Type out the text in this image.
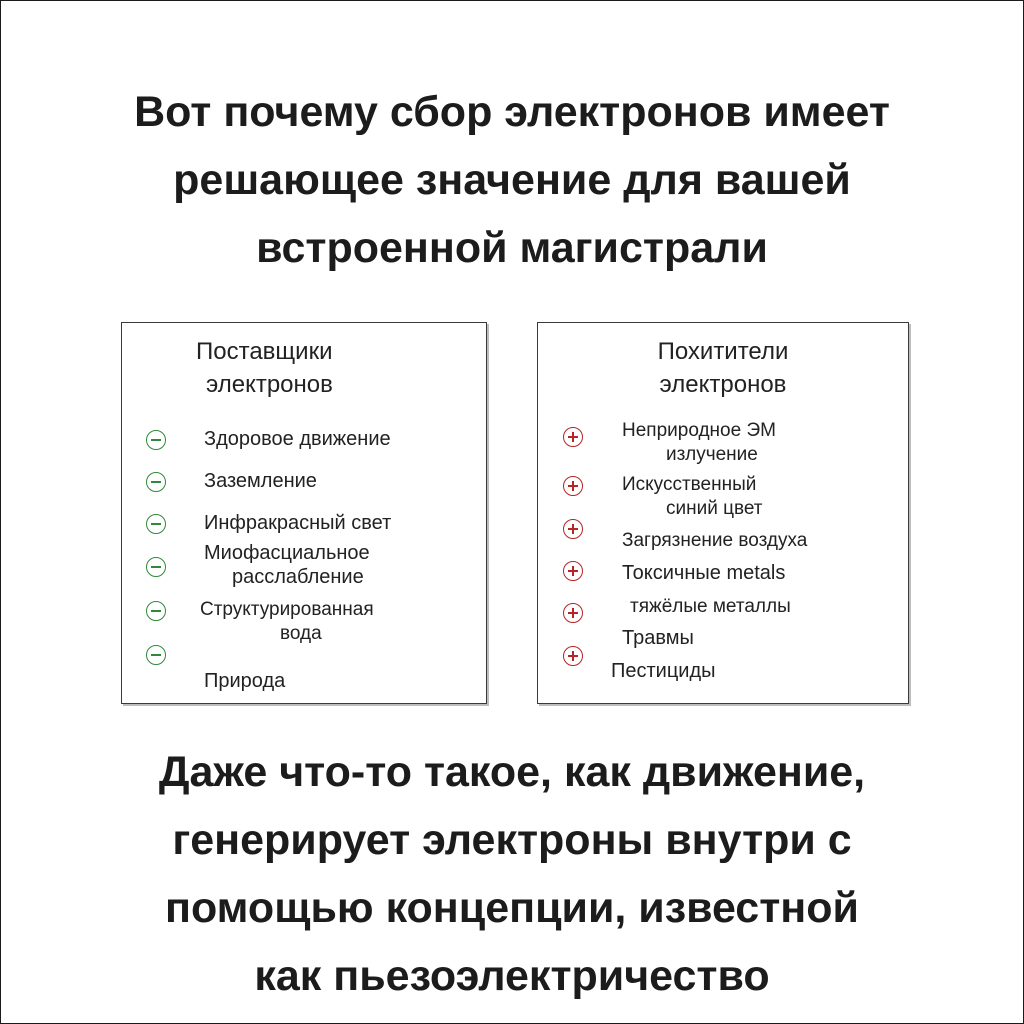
Вот почему сбор электронов имеет
решающее значение для вашей
встроенной магистрали
Поставщики
электронов
Здоровое движение
Заземление
Инфракрасный свет
Миофасциальное
расслабление
Структурированная
вода
Природа
Похитители
электронов
Неприродное ЭМ
излучение
Искусственный
синий цвет
Загрязнение воздуха
Токсичные metals
тяжёлые металлы
Травмы
Пестициды
Даже что-то такое, как движение,
генерирует электроны внутри с
помощью концепции, известной
как пьезоэлектричество
